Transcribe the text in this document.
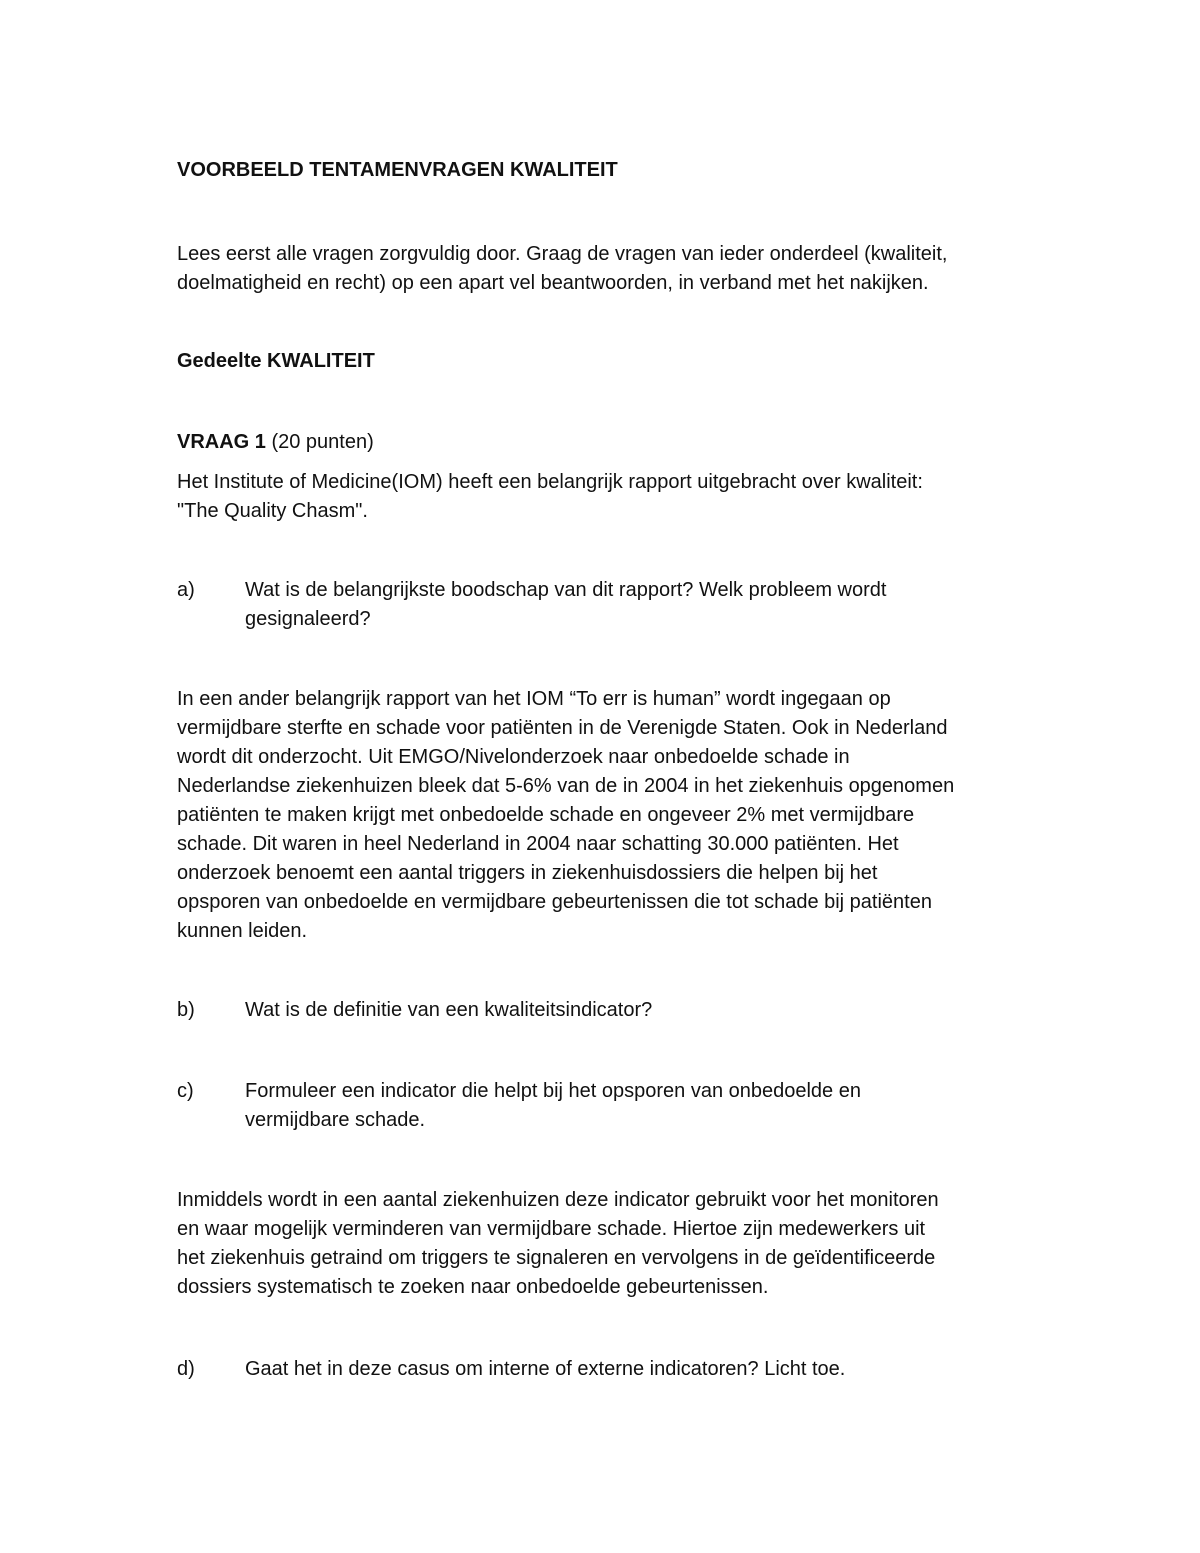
VOORBEELD TENTAMENVRAGEN KWALITEIT

Lees eerst alle vragen zorgvuldig door. Graag de vragen van ieder onderdeel (kwaliteit,
doelmatigheid en recht) op een apart vel beantwoorden, in verband met het nakijken.

Gedeelte KWALITEIT

VRAAG 1 (20 punten)

Het Institute of Medicine(IOM) heeft een belangrijk rapport uitgebracht over kwaliteit:
"The Quality Chasm".

a)	Wat is de belangrijkste boodschap van dit rapport? Welk probleem wordt
gesignaleerd?

In een ander belangrijk rapport van het IOM “To err is human” wordt ingegaan op
vermijdbare sterfte en schade voor patiënten in de Verenigde Staten. Ook in Nederland
wordt dit onderzocht. Uit EMGO/Nivelonderzoek naar onbedoelde schade in
Nederlandse ziekenhuizen bleek dat 5-6% van de in 2004 in het ziekenhuis opgenomen
patiënten te maken krijgt met onbedoelde schade en ongeveer 2% met vermijdbare
schade. Dit waren in heel Nederland in 2004 naar schatting 30.000 patiënten. Het
onderzoek benoemt een aantal triggers in ziekenhuisdossiers die helpen bij het
opsporen van onbedoelde en vermijdbare gebeurtenissen die tot schade bij patiënten
kunnen leiden.

b)	Wat is de definitie van een kwaliteitsindicator?
c)	Formuleer een indicator die helpt bij het opsporen van onbedoelde en
vermijdbare schade.

Inmiddels wordt in een aantal ziekenhuizen deze indicator gebruikt voor het monitoren
en waar mogelijk verminderen van vermijdbare schade. Hiertoe zijn medewerkers uit
het ziekenhuis getraind om triggers te signaleren en vervolgens in de geïdentificeerde
dossiers systematisch te zoeken naar onbedoelde gebeurtenissen.

d)	Gaat het in deze casus om interne of externe indicatoren? Licht toe.
